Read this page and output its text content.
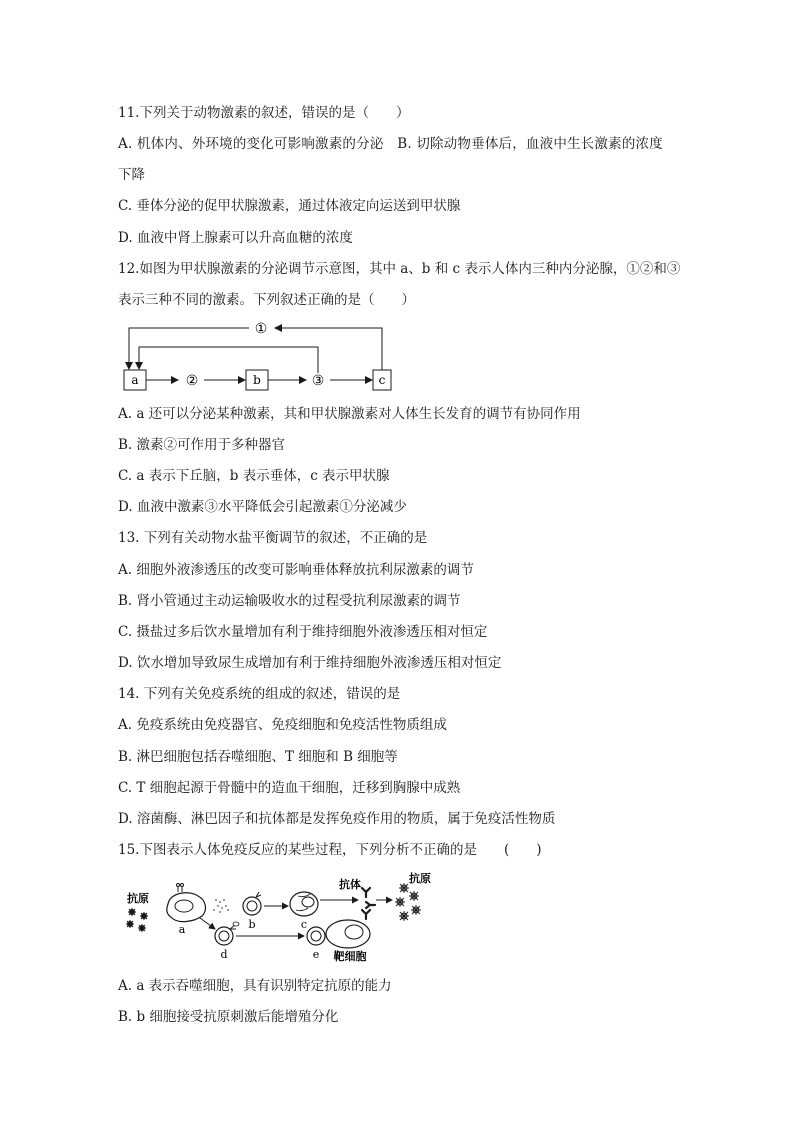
11.下列关于动物激素的叙述，错误的是（　　）
A. 机体内、外环境的变化可影响激素的分泌　B. 切除动物垂体后，血液中生长激素的浓度
下降
C. 垂体分泌的促甲状腺激素，通过体液定向运送到甲状腺
D. 血液中肾上腺素可以升高血糖的浓度
12.如图为甲状腺激素的分泌调节示意图，其中 a、b 和 c 表示人体内三种内分泌腺，①②和③
表示三种不同的激素。下列叙述正确的是（　　）
a	b	c
②	③
①
A. a 还可以分泌某种激素，其和甲状腺激素对人体生长发育的调节有协同作用
B. 激素②可作用于多种器官
C. a 表示下丘脑，b 表示垂体，c 表示甲状腺
D. 血液中激素③水平降低会引起激素①分泌减少
13. 下列有关动物水盐平衡调节的叙述，不正确的是
A. 细胞外液渗透压的改变可影响垂体释放抗利尿激素的调节
B. 肾小管通过主动运输吸收水的过程受抗利尿激素的调节
C. 摄盐过多后饮水量增加有利于维持细胞外液渗透压相对恒定
D. 饮水增加导致尿生成增加有利于维持细胞外液渗透压相对恒定
14. 下列有关免疫系统的组成的叙述，错误的是
A. 免疫系统由免疫器官、免疫细胞和免疫活性物质组成
B. 淋巴细胞包括吞噬细胞、T 细胞和 B 细胞等
C. T 细胞起源于骨髓中的造血干细胞，迁移到胸腺中成熟
D. 溶菌酶、淋巴因子和抗体都是发挥免疫作用的物质，属于免疫活性物质
15.下图表示人体免疫反应的某些过程，下列分析不正确的是　　(　　)
抗原
a	b	c
抗体	抗原
d	e 靶细胞
A. a 表示吞噬细胞，具有识别特定抗原的能力
B. b 细胞接受抗原刺激后能增殖分化
